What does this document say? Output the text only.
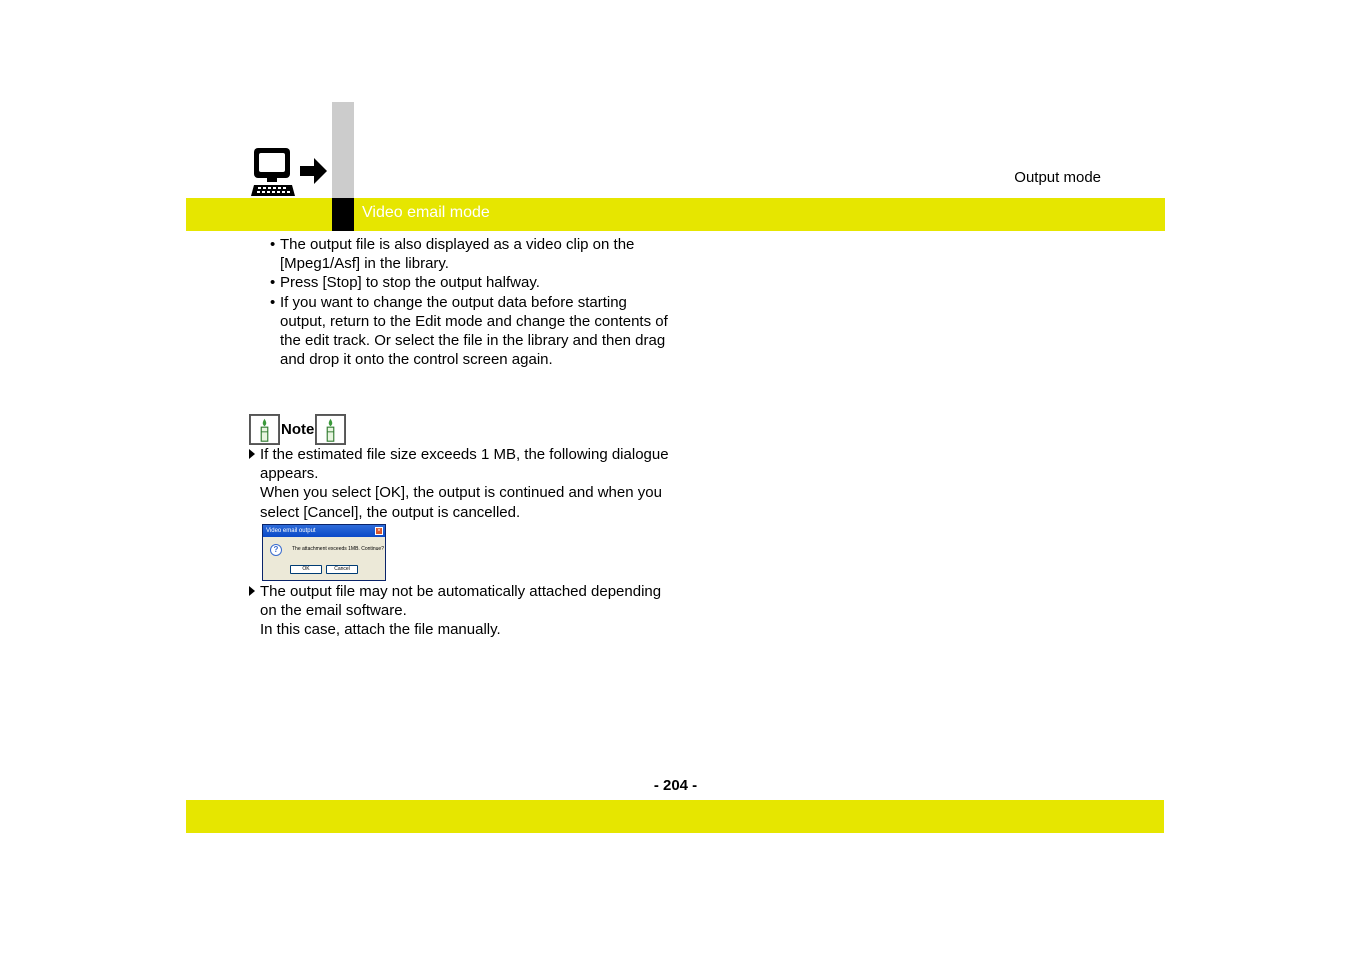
Video email mode
Output mode
• The output file is also displayed as a video clip on the [Mpeg1/Asf] in the library.
• Press [Stop] to stop the output halfway.
• If you want to change the output data before starting output, return to the Edit mode and change the contents of the edit track. Or select the file in the library and then drag and drop it onto the control screen again.
Note
If the estimated file size exceeds 1 MB, the following dialogue appears.
When you select [OK], the output is continued and when you select [Cancel], the output is cancelled.
Video email output	×
?	The attachment exceeds 1MB. Continue?
OK	Cancel
The output file may not be automatically attached depending on the email software.
In this case, attach the file manually.
- 204 -
